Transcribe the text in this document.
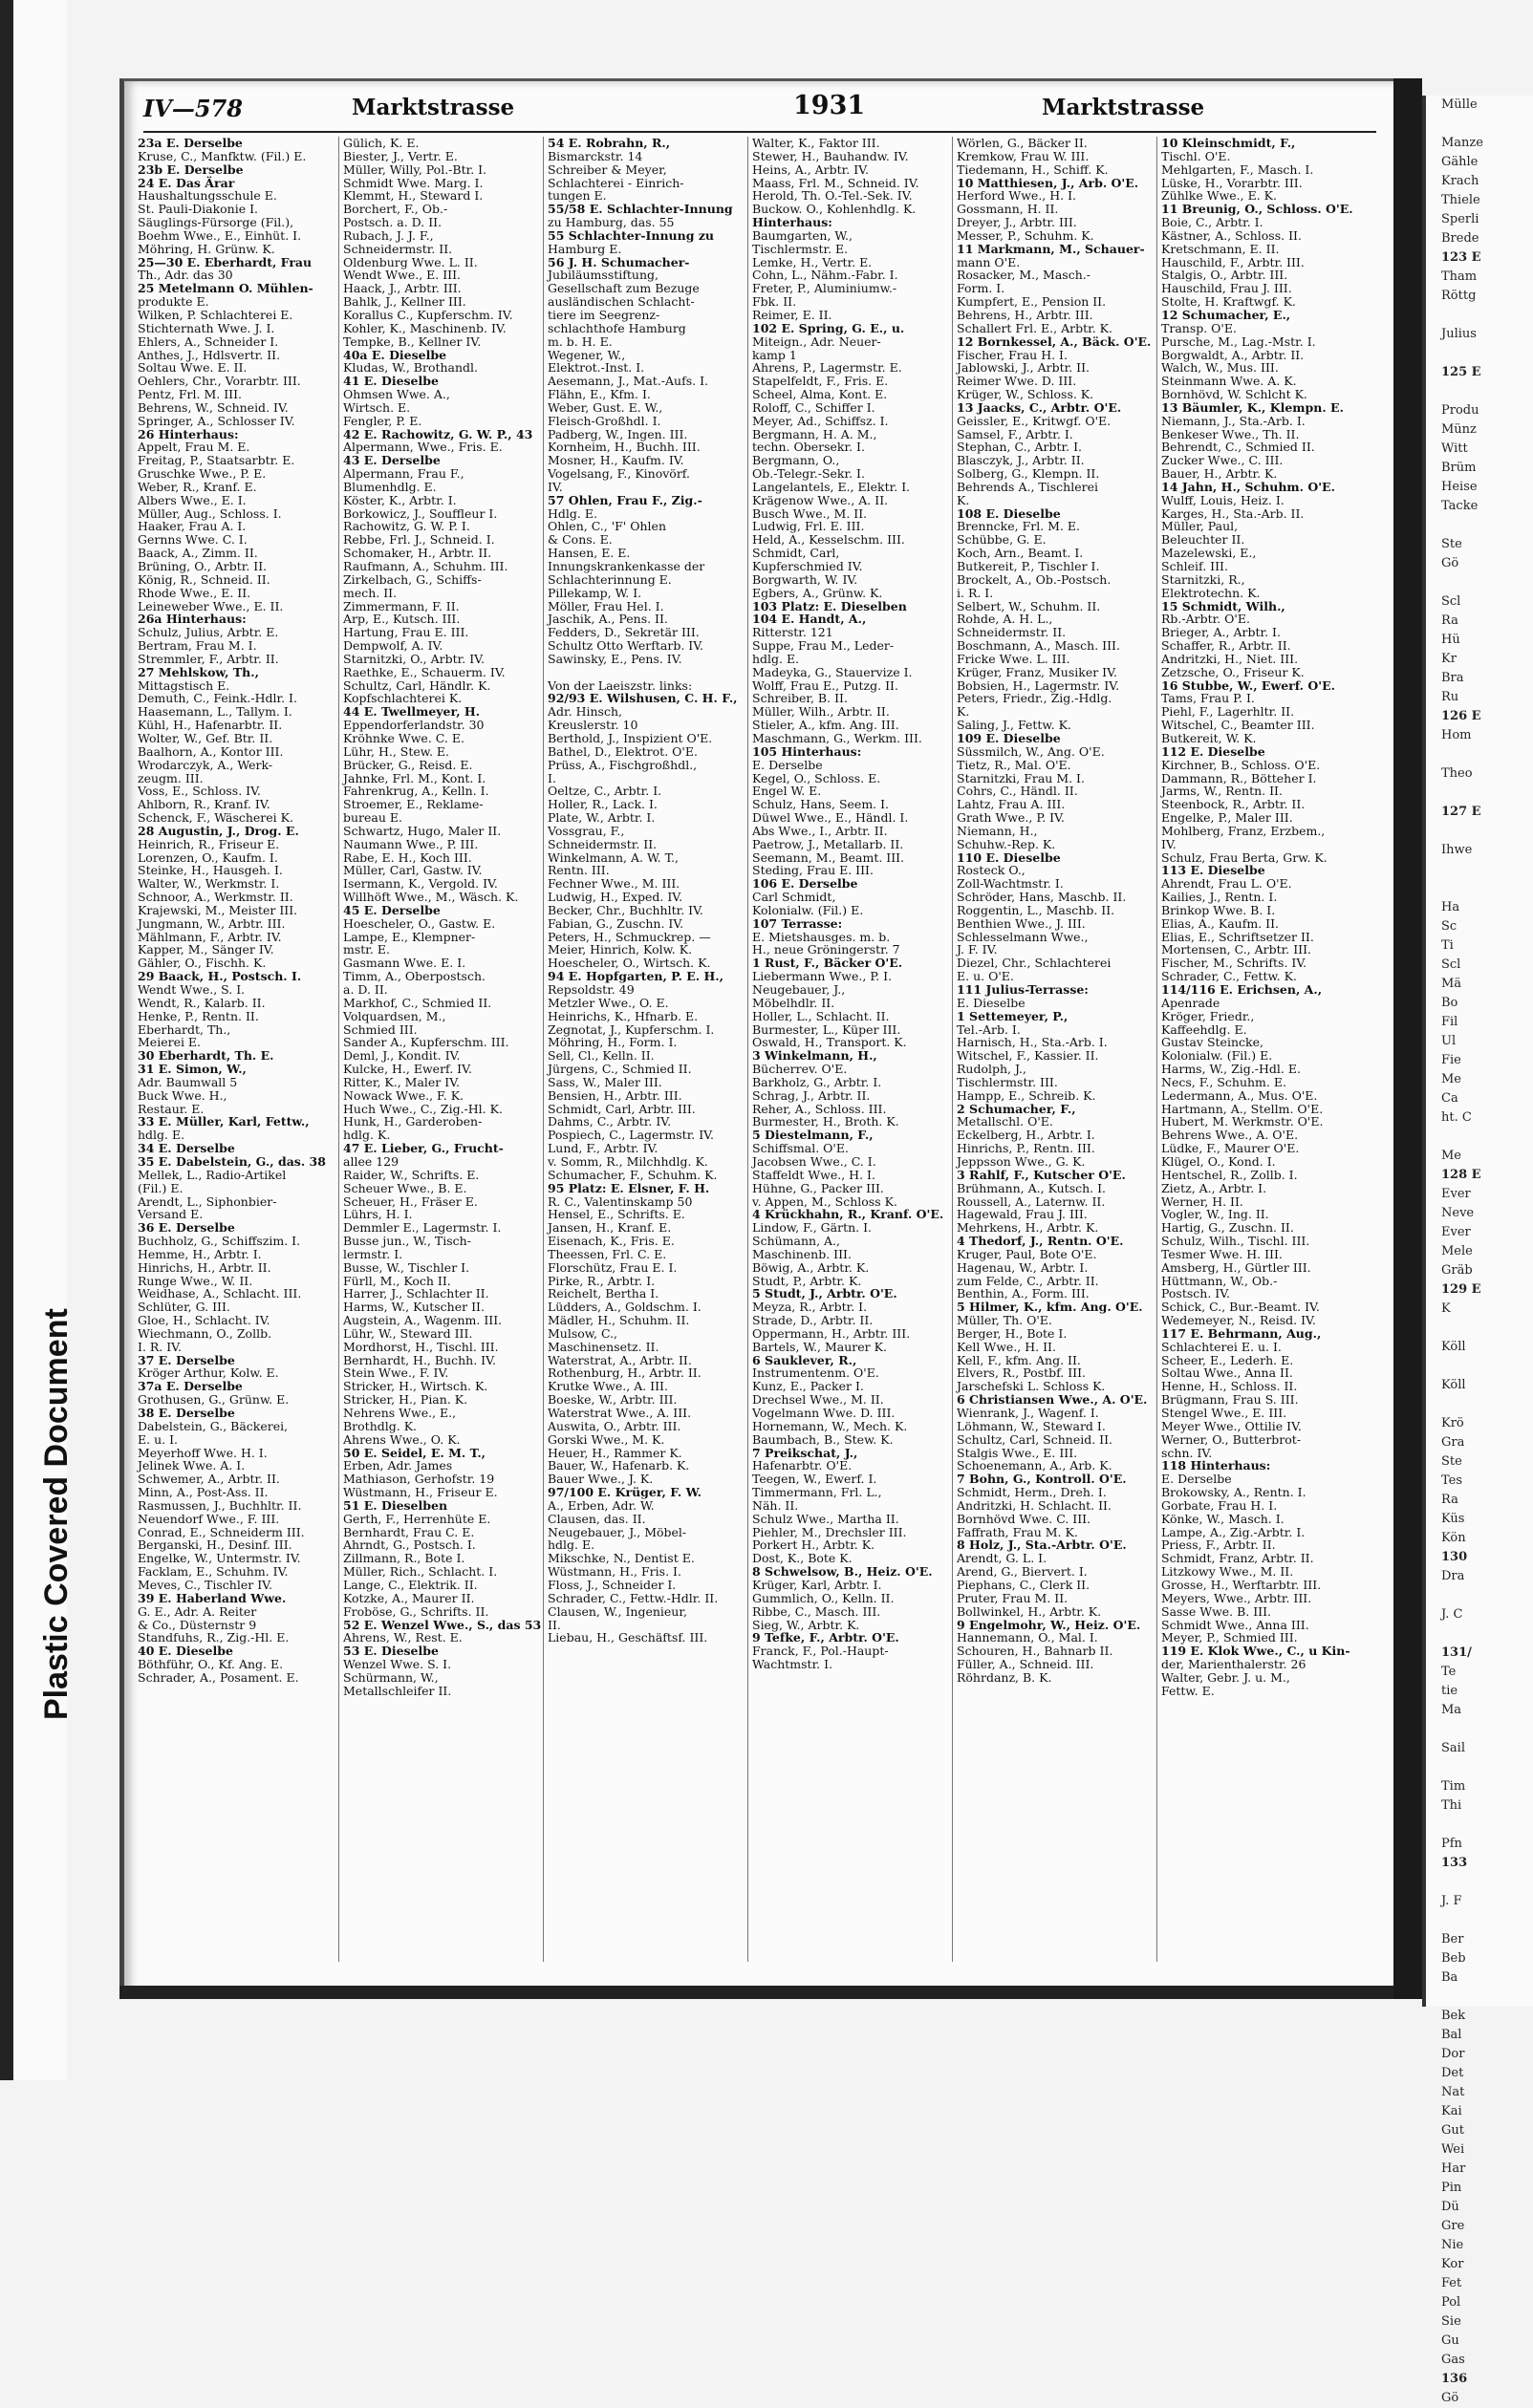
Plastic Covered Document
IV—578	Marktstrasse	1931	Marktstrasse
23a E. Derselbe
Kruse, C., Manfktw. (Fil.) E.
23b E. Derselbe
24 E. Das Ärar
Haushaltungsschule E.
St. Pauli-Diakonie I.
Säuglings-Fürsorge (Fil.),
Boehm Wwe., E., Einhüt. I.
Möhring, H. Grünw. K.
25—30 E. Eberhardt, Frau
Th., Adr. das 30
25 Metelmann O. Mühlen-
produkte E.
Wilken, P. Schlachterei E.
Stichternath Wwe. J. I.
Ehlers, A., Schneider I.
Anthes, J., Hdlsvertr. II.
Soltau Wwe. E. II.
Oehlers, Chr., Vorarbtr. III.
Pentz, Frl. M. III.
Behrens, W., Schneid. IV.
Springer, A., Schlosser IV.
26 Hinterhaus:
Appelt, Frau M. E.
Freitag, P., Staatsarbtr. E.
Gruschke Wwe., P. E.
Weber, R., Kranf. E.
Albers Wwe., E. I.
Müller, Aug., Schloss. I.
Haaker, Frau A. I.
Gernns Wwe. C. I.
Baack, A., Zimm. II.
Brüning, O., Arbtr. II.
König, R., Schneid. II.
Rhode Wwe., E. II.
Leineweber Wwe., E. II.
26a Hinterhaus:
Schulz, Julius, Arbtr. E.
Bertram, Frau M. I.
Stremmler, F., Arbtr. II.
27 Mehlskow, Th.,
Mittagstisch E.
Demuth, C., Feink.-Hdlr. I.
Haasemann, L., Tallym. I.
Kühl, H., Hafenarbtr. II.
Wolter, W., Gef. Btr. II.
Baalhorn, A., Kontor III.
Wrodarczyk, A., Werk-
zeugm. III.
Voss, E., Schloss. IV.
Ahlborn, R., Kranf. IV.
Schenck, F., Wäscherei K.
28 Augustin, J., Drog. E.
Heinrich, R., Friseur E.
Lorenzen, O., Kaufm. I.
Steinke, H., Hausgeh. I.
Walter, W., Werkmstr. I.
Schnoor, A., Werkmstr. II.
Krajewski, M., Meister III.
Jungmann, W., Arbtr. III.
Mählmann, F., Arbtr. IV.
Kapper, M., Sänger IV.
Gähler, O., Fischh. K.
29 Baack, H., Postsch. I.
Wendt Wwe., S. I.
Wendt, R., Kalarb. II.
Henke, P., Rentn. II.
Eberhardt, Th.,
Meierei E.
30 Eberhardt, Th. E.
31 E. Simon, W.,
Adr. Baumwall 5
Buck Wwe. H.,
Restaur. E.
33 E. Müller, Karl, Fettw.,
hdlg. E.
34 E. Derselbe
35 E. Dabelstein, G., das. 38
Mellek, L., Radio-Artikel
(Fil.) E.
Arendt, L., Siphonbier-
Versand E.
36 E. Derselbe
Buchholz, G., Schiffszim. I.
Hemme, H., Arbtr. I.
Hinrichs, H., Arbtr. II.
Runge Wwe., W. II.
Weidhase, A., Schlacht. III.
Schlüter, G. III.
Gloe, H., Schlacht. IV.
Wiechmann, O., Zollb.
I. R. IV.
37 E. Derselbe
Kröger Arthur, Kolw. E.
37a E. Derselbe
Grothusen, G., Grünw. E.
38 E. Derselbe
Dabelstein, G., Bäckerei,
E. u. I.
Meyerhoff Wwe. H. I.
Jelinek Wwe. A. I.
Schwemer, A., Arbtr. II.
Minn, A., Post-Ass. II.
Rasmussen, J., Buchhltr. II.
Neuendorf Wwe., F. III.
Conrad, E., Schneiderm III.
Berganski, H., Desinf. III.
Engelke, W., Untermstr. IV.
Facklam, E., Schuhm. IV.
Meves, C., Tischler IV.
39 E. Haberland Wwe.
G. E., Adr. A. Reiter
& Co., Düsternstr 9
Standfuhs, R., Zig.-Hl. E.
40 E. Dieselbe
Böthführ, O., Kf. Ang. E.
Schrader, A., Posament. E.
Gülich, K. E.
Biester, J., Vertr. E.
Müller, Willy, Pol.-Btr. I.
Schmidt Wwe. Marg. I.
Klemmt, H., Steward I.
Borchert, F., Ob.-
Postsch. a. D. II.
Rubach, J. J. F.,
Schneidermstr. II.
Oldenburg Wwe. L. II.
Wendt Wwe., E. III.
Haack, J., Arbtr. III.
Bahlk, J., Kellner III.
Korallus C., Kupferschm. IV.
Kohler, K., Maschinenb. IV.
Tempke, B., Kellner IV.
40a E. Dieselbe
Kludas, W., Brothandl.
41 E. Dieselbe
Ohmsen Wwe. A.,
Wirtsch. E.
Fengler, P. E.
42 E. Rachowitz, G. W. P., 43
Alpermann, Wwe., Fris. E.
43 E. Derselbe
Alpermann, Frau F.,
Blumenhdlg. E.
Köster, K., Arbtr. I.
Borkowicz, J., Souffleur I.
Rachowitz, G. W. P. I.
Rebbe, Frl. J., Schneid. I.
Schomaker, H., Arbtr. II.
Raufmann, A., Schuhm. III.
Zirkelbach, G., Schiffs-
mech. II.
Zimmermann, F. II.
Arp, E., Kutsch. III.
Hartung, Frau E. III.
Dempwolf, A. IV.
Starnitzki, O., Arbtr. IV.
Raethke, E., Schauerm. IV.
Schultz, Carl, Händlr. K.
Kopfschlachterei K.
44 E. Twellmeyer, H.
Eppendorferlandstr. 30
Kröhnke Wwe. C. E.
Lühr, H., Stew. E.
Brücker, G., Reisd. E.
Jahnke, Frl. M., Kont. I.
Fahrenkrug, A., Kelln. I.
Stroemer, E., Reklame-
bureau E.
Schwartz, Hugo, Maler II.
Naumann Wwe., P. III.
Rabe, E. H., Koch III.
Müller, Carl, Gastw. IV.
Isermann, K., Vergold. IV.
Willhöft Wwe., M., Wäsch. K.
45 E. Derselbe
Hoescheler, O., Gastw. E.
Lampe, E., Klempner-
mstr. E.
Gasmann Wwe. E. I.
Timm, A., Oberpostsch.
a. D. II.
Markhof, C., Schmied II.
Volquardsen, M.,
Schmied III.
Sander A., Kupferschm. III.
Deml, J., Kondit. IV.
Kulcke, H., Ewerf. IV.
Ritter, K., Maler IV.
Nowack Wwe., F. K.
Huch Wwe., C., Zig.-Hl. K.
Hunk, H., Garderoben-
hdlg. K.
47 E. Lieber, G., Frucht-
allee 129
Raider, W., Schrifts. E.
Scheuer Wwe., B. E.
Scheuer, H., Fräser E.
Lührs, H. I.
Demmler E., Lagermstr. I.
Busse jun., W., Tisch-
lermstr. I.
Busse, W., Tischler I.
Fürll, M., Koch II.
Harrer, J., Schlachter II.
Harms, W., Kutscher II.
Augstein, A., Wagenm. III.
Lühr, W., Steward III.
Mordhorst, H., Tischl. III.
Bernhardt, H., Buchh. IV.
Stein Wwe., F. IV.
Stricker, H., Wirtsch. K.
Stricker, H., Pian. K.
Nehrens Wwe., E.,
Brothdlg. K.
Ahrens Wwe., O. K.
50 E. Seidel, E. M. T.,
Erben, Adr. James
Mathiason, Gerhofstr. 19
Wüstmann, H., Friseur E.
51 E. Dieselben
Gerth, F., Herrenhüte E.
Bernhardt, Frau C. E.
Ahrndt, G., Postsch. I.
Zillmann, R., Bote I.
Müller, Rich., Schlacht. I.
Lange, C., Elektrik. II.
Kotzke, A., Maurer II.
Froböse, G., Schrifts. II.
52 E. Wenzel Wwe., S., das 53
Ahrens, W., Rest. E.
53 E. Dieselbe
Wenzel Wwe. S. I.
Schürmann, W.,
Metallschleifer II.
54 E. Robrahn, R.,
Bismarckstr. 14
Schreiber & Meyer,
Schlachterei - Einrich-
tungen E.
55/58 E. Schlachter-Innung
zu Hamburg, das. 55
55 Schlachter-Innung zu
Hamburg E.
56 J. H. Schumacher-
Jubiläumsstiftung,
Gesellschaft zum Bezuge
ausländischen Schlacht-
tiere im Seegrenz-
schlachthofe Hamburg
m. b. H. E.
Wegener, W.,
Elektrot.-Inst. I.
Aesemann, J., Mat.-Aufs. I.
Flähn, E., Kfm. I.
Weber, Gust. E. W.,
Fleisch-Großhdl. I.
Padberg, W., Ingen. III.
Kornheim, H., Buchh. III.
Mosner, H., Kaufm. IV.
Vogelsang, F., Kinovörf.
IV.
57 Ohlen, Frau F., Zig.-
Hdlg. E.
Ohlen, C., 'F' Ohlen
& Cons. E.
Hansen, E. E.
Innungskrankenkasse der
Schlachterinnung E.
Pillekamp, W. I.
Möller, Frau Hel. I.
Jaschik, A., Pens. II.
Fedders, D., Sekretär III.
Schultz Otto Werftarb. IV.
Sawinsky, E., Pens. IV.

Von der Laeiszstr. links:
92/93 E. Wilshusen, C. H. F.,
Adr. Hinsch,
Kreuslerstr. 10
Berthold, J., Inspizient O'E.
Bathel, D., Elektrot. O'E.
Prüss, A., Fischgroßhdl.,
I.
Oeltze, C., Arbtr. I.
Holler, R., Lack. I.
Plate, W., Arbtr. I.
Vossgrau, F.,
Schneidermstr. II.
Winkelmann, A. W. T.,
Rentn. III.
Fechner Wwe., M. III.
Ludwig, H., Exped. IV.
Becker, Chr., Buchhltr. IV.
Fabian, G., Zuschn. IV.
Peters, H., Schmuckrep. —
Meier, Hinrich, Kolw. K.
Hoescheler, O., Wirtsch. K.
94 E. Hopfgarten, P. E. H.,
Repsoldstr. 49
Metzler Wwe., O. E.
Heinrichs, K., Hfnarb. E.
Zegnotat, J., Kupferschm. I.
Möhring, H., Form. I.
Sell, Cl., Kelln. II.
Jürgens, C., Schmied II.
Sass, W., Maler III.
Bensien, H., Arbtr. III.
Schmidt, Carl, Arbtr. III.
Dahms, C., Arbtr. IV.
Pospiech, C., Lagermstr. IV.
Lund, F., Arbtr. IV.
v. Somm, R., Milchhdlg. K.
Schumacher, F., Schuhm. K.
95 Platz: E. Elsner, F. H.
R. C., Valentinskamp 50
Hensel, E., Schrifts. E.
Jansen, H., Kranf. E.
Eisenach, K., Fris. E.
Theessen, Frl. C. E.
Florschütz, Frau E. I.
Pirke, R., Arbtr. I.
Reichelt, Bertha I.
Lüdders, A., Goldschm. I.
Mädler, H., Schuhm. II.
Mulsow, C.,
Maschinensetz. II.
Waterstrat, A., Arbtr. II.
Rothenburg, H., Arbtr. II.
Krutke Wwe., A. III.
Boeske, W., Arbtr. III.
Waterstrat Wwe., A. III.
Auswita, O., Arbtr. III.
Gorski Wwe., M. K.
Heuer, H., Rammer K.
Bauer, W., Hafenarb. K.
Bauer Wwe., J. K.
97/100 E. Krüger, F. W.
A., Erben, Adr. W.
Clausen, das. II.
Neugebauer, J., Möbel-
hdlg. E.
Mikschke, N., Dentist E.
Wüstmann, H., Fris. I.
Floss, J., Schneider I.
Schrader, C., Fettw.-Hdlr. II.
Clausen, W., Ingenieur,
II.
Liebau, H., Geschäftsf. III.
Walter, K., Faktor III.
Stewer, H., Bauhandw. IV.
Heins, A., Arbtr. IV.
Maass, Frl. M., Schneid. IV.
Herold, Th. O.-Tel.-Sek. IV.
Buckow. O., Kohlenhdlg. K.
Hinterhaus:
Baumgarten, W.,
Tischlermstr. E.
Lemke, H., Vertr. E.
Cohn, L., Nähm.-Fabr. I.
Freter, P., Aluminiumw.-
Fbk. II.
Reimer, E. II.
102 E. Spring, G. E., u.
Miteign., Adr. Neuer-
kamp 1
Ahrens, P., Lagermstr. E.
Stapelfeldt, F., Fris. E.
Scheel, Alma, Kont. E.
Roloff, C., Schiffer I.
Meyer, Ad., Schiffsz. I.
Bergmann, H. A. M.,
techn. Obersekr. I.
Bergmann, O.,
Ob.-Telegr.-Sekr. I.
Langelantels, E., Elektr. I.
Krägenow Wwe., A. II.
Busch Wwe., M. II.
Ludwig, Frl. E. III.
Held, A., Kesselschm. III.
Schmidt, Carl,
Kupferschmied IV.
Borgwarth, W. IV.
Egbers, A., Grünw. K.
103 Platz: E. Dieselben
104 E. Handt, A.,
Ritterstr. 121
Suppe, Frau M., Leder-
hdlg. E.
Madeyka, G., Stauervize I.
Wolff, Frau E., Putzg. II.
Schreiber, B. II.
Müller, Wilh., Arbtr. II.
Stieler, A., kfm. Ang. III.
Maschmann, G., Werkm. III.
105 Hinterhaus:
E. Derselbe
Kegel, O., Schloss. E.
Engel W. E.
Schulz, Hans, Seem. I.
Düwel Wwe., E., Händl. I.
Abs Wwe., I., Arbtr. II.
Paetrow, J., Metallarb. II.
Seemann, M., Beamt. III.
Steding, Frau E. III.
106 E. Derselbe
Carl Schmidt,
Kolonialw. (Fil.) E.
107 Terrasse:
E. Mietshausges. m. b.
H., neue Gröningerstr. 7
1 Rust, F., Bäcker O'E.
Liebermann Wwe., P. I.
Neugebauer, J.,
Möbelhdlr. II.
Holler, L., Schlacht. II.
Burmester, L., Küper III.
Oswald, H., Transport. K.
3 Winkelmann, H.,
Bücherrev. O'E.
Barkholz, G., Arbtr. I.
Schrag, J., Arbtr. II.
Reher, A., Schloss. III.
Burmester, H., Broth. K.
5 Diestelmann, F.,
Schiffsmal. O'E.
Jacobsen Wwe., C. I.
Staffeldt Wwe., H. I.
Hühne, G., Packer III.
v. Appen, M., Schloss K.
4 Krückhahn, R., Kranf. O'E.
Lindow, F., Gärtn. I.
Schümann, A.,
Maschinenb. III.
Böwig, A., Arbtr. K.
Studt, P., Arbtr. K.
5 Studt, J., Arbtr. O'E.
Meyza, R., Arbtr. I.
Strade, D., Arbtr. II.
Oppermann, H., Arbtr. III.
Bartels, W., Maurer K.
6 Sauklever, R.,
Instrumentenm. O'E.
Kunz, E., Packer I.
Drechsel Wwe., M. II.
Vogelmann Wwe. D. III.
Hornemann, W., Mech. K.
Baumbach, B., Stew. K.
7 Preikschat, J.,
Hafenarbtr. O'E.
Teegen, W., Ewerf. I.
Timmermann, Frl. L.,
Näh. II.
Schulz Wwe., Martha II.
Piehler, M., Drechsler III.
Porkert H., Arbtr. K.
Dost, K., Bote K.
8 Schwelsow, B., Heiz. O'E.
Krüger, Karl, Arbtr. I.
Gummlich, O., Kelln. II.
Ribbe, C., Masch. III.
Sieg, W., Arbtr. K.
9 Tefke, F., Arbtr. O'E.
Franck, F., Pol.-Haupt-
Wachtmstr. I.
Wörlen, G., Bäcker II.
Kremkow, Frau W. III.
Tiedemann, H., Schiff. K.
10 Matthiesen, J., Arb. O'E.
Herford Wwe., H. I.
Gossmann, H. II.
Dreyer, J., Arbtr. III.
Messer, P., Schuhm. K.
11 Markmann, M., Schauer-
mann O'E.
Rosacker, M., Masch.-
Form. I.
Kumpfert, E., Pension II.
Behrens, H., Arbtr. III.
Schallert Frl. E., Arbtr. K.
12 Bornkessel, A., Bäck. O'E.
Fischer, Frau H. I.
Jablowski, J., Arbtr. II.
Reimer Wwe. D. III.
Krüger, W., Schloss. K.
13 Jaacks, C., Arbtr. O'E.
Geissler, E., Kritwgf. O'E.
Samsel, F., Arbtr. I.
Stephan, C., Arbtr. I.
Blasczyk, J., Arbtr. II.
Solberg, G., Klempn. II.
Behrends A., Tischlerei
K.
108 E. Dieselbe
Brenncke, Frl. M. E.
Schübbe, G. E.
Koch, Arn., Beamt. I.
Butkereit, P., Tischler I.
Brockelt, A., Ob.-Postsch.
i. R. I.
Selbert, W., Schuhm. II.
Rohde, A. H. L.,
Schneidermstr. II.
Boschmann, A., Masch. III.
Fricke Wwe. L. III.
Krüger, Franz, Musiker IV.
Bobsien, H., Lagermstr. IV.
Peters, Friedr., Zig.-Hdlg.
K.
Saling, J., Fettw. K.
109 E. Dieselbe
Süssmilch, W., Ang. O'E.
Tietz, R., Mal. O'E.
Starnitzki, Frau M. I.
Cohrs, C., Händl. II.
Lahtz, Frau A. III.
Grath Wwe., P. IV.
Niemann, H.,
Schuhw.-Rep. K.
110 E. Dieselbe
Rosteck O.,
Zoll-Wachtmstr. I.
Schröder, Hans, Maschb. II.
Roggentin, L., Maschb. II.
Benthien Wwe., J. III.
Schlesselmann Wwe.,
J. F. IV.
Diezel, Chr., Schlachterei
E. u. O'E.
111 Julius-Terrasse:
E. Dieselbe
1 Settemeyer, P.,
Tel.-Arb. I.
Harnisch, H., Sta.-Arb. I.
Witschel, F., Kassier. II.
Rudolph, J.,
Tischlermstr. III.
Hampp, E., Schreib. K.
2 Schumacher, F.,
Metallschl. O'E.
Eckelberg, H., Arbtr. I.
Hinrichs, P., Rentn. III.
Jeppsson Wwe., G. K.
3 Rahlf, F., Kutscher O'E.
Brühmann, A., Kutsch. I.
Roussell, A., Laternw. II.
Hagewald, Frau J. III.
Mehrkens, H., Arbtr. K.
4 Thedorf, J., Rentn. O'E.
Kruger, Paul, Bote O'E.
Hagenau, W., Arbtr. I.
zum Felde, C., Arbtr. II.
Benthin, A., Form. III.
5 Hilmer, K., kfm. Ang. O'E.
Müller, Th. O'E.
Berger, H., Bote I.
Kell Wwe., H. II.
Kell, F., kfm. Ang. II.
Elvers, R., Postbf. III.
Jarschefski L. Schloss K.
6 Christiansen Wwe., A. O'E.
Wienrank, J., Wagenf. I.
Löhmann, W., Steward I.
Schultz, Carl, Schneid. II.
Stalgis Wwe., E. III.
Schoenemann, A., Arb. K.
7 Bohn, G., Kontroll. O'E.
Schmidt, Herm., Dreh. I.
Andritzki, H. Schlacht. II.
Bornhövd Wwe. C. III.
Faffrath, Frau M. K.
8 Holz, J., Sta.-Arbtr. O'E.
Arendt, G. L. I.
Arend, G., Biervert. I.
Piephans, C., Clerk II.
Pruter, Frau M. II.
Bollwinkel, H., Arbtr. K.
9 Engelmohr, W., Heiz. O'E.
Hannemann, O., Mal. I.
Schouren, H., Bahnarb II.
Füller, A., Schneid. III.
Röhrdanz, B. K.
10 Kleinschmidt, F.,
Tischl. O'E.
Mehlgarten, F., Masch. I.
Lüske, H., Vorarbtr. III.
Zühlke Wwe., E. K.
11 Breunig, O., Schloss. O'E.
Boie, C., Arbtr. I.
Kästner, A., Schloss. II.
Kretschmann, E. II.
Hauschild, F., Arbtr. III.
Stalgis, O., Arbtr. III.
Hauschild, Frau J. III.
Stolte, H. Kraftwgf. K.
12 Schumacher, E.,
Transp. O'E.
Pursche, M., Lag.-Mstr. I.
Borgwaldt, A., Arbtr. II.
Walch, W., Mus. III.
Steinmann Wwe. A. K.
Bornhövd, W. Schlcht K.
13 Bäumler, K., Klempn. E.
Niemann, J., Sta.-Arb. I.
Benkeser Wwe., Th. II.
Behrendt, C., Schmied II.
Zucker Wwe., C. III.
Bauer, H., Arbtr. K.
14 Jahn, H., Schuhm. O'E.
Wulff, Louis, Heiz. I.
Karges, H., Sta.-Arb. II.
Müller, Paul,
Beleuchter II.
Mazelewski, E.,
Schleif. III.
Starnitzki, R.,
Elektrotechn. K.
15 Schmidt, Wilh.,
Rb.-Arbtr. O'E.
Brieger, A., Arbtr. I.
Schaffer, R., Arbtr. II.
Andritzki, H., Niet. III.
Zetzsche, O., Friseur K.
16 Stubbe, W., Ewerf. O'E.
Tams, Frau P. I.
Piehl, F., Lagerhltr. II.
Witschel, C., Beamter III.
Butkereit, W. K.
112 E. Dieselbe
Kirchner, B., Schloss. O'E.
Dammann, R., Bötteher I.
Jarms, W., Rentn. II.
Steenbock, R., Arbtr. II.
Engelke, P., Maler III.
Mohlberg, Franz, Erzbem.,
IV.
Schulz, Frau Berta, Grw. K.
113 E. Dieselbe
Ahrendt, Frau L. O'E.
Kailies, J., Rentn. I.
Brinkop Wwe. B. I.
Elias, A., Kaufm. II.
Elias, E., Schriftsetzer II.
Mortensen, C., Arbtr. III.
Fischer, M., Schrifts. IV.
Schrader, C., Fettw. K.
114/116 E. Erichsen, A.,
Apenrade
Kröger, Friedr.,
Kaffeehdlg. E.
Gustav Steincke,
Kolonialw. (Fil.) E.
Harms, W., Zig.-Hdl. E.
Necs, F., Schuhm. E.
Ledermann, A., Mus. O'E.
Hartmann, A., Stellm. O'E.
Hubert, M. Werkmstr. O'E.
Behrens Wwe., A. O'E.
Lüdke, F., Maurer O'E.
Klügel, O., Kond. I.
Hentschel, R., Zollb. I.
Zietz, A., Arbtr. I.
Werner, H. II.
Vogler, W., Ing. II.
Hartig, G., Zuschn. II.
Schulz, Wilh., Tischl. III.
Tesmer Wwe. H. III.
Amsberg, H., Gürtler III.
Hüttmann, W., Ob.-
Postsch. IV.
Schick, C., Bur.-Beamt. IV.
Wedemeyer, N., Reisd. IV.
117 E. Behrmann, Aug.,
Schlachterei E. u. I.
Scheer, E., Lederh. E.
Soltau Wwe., Anna II.
Henne, H., Schloss. II.
Brügmann, Frau S. III.
Stengel Wwe., E. III.
Meyer Wwe., Ottilie IV.
Werner, O., Butterbrot-
schn. IV.
118 Hinterhaus:
E. Derselbe
Brokowsky, A., Rentn. I.
Gorbate, Frau H. I.
Könke, W., Masch. I.
Lampe, A., Zig.-Arbtr. I.
Priess, F., Arbtr. II.
Schmidt, Franz, Arbtr. II.
Litzkowy Wwe., M. II.
Grosse, H., Werftarbtr. III.
Meyers, Wwe., Arbtr. III.
Sasse Wwe. B. III.
Schmidt Wwe., Anna III.
Meyer, P., Schmied III.
119 E. Klok Wwe., C., u Kin-
der, Marienthalerstr. 26
Walter, Gebr. J. u. M.,
Fettw. E.
Mülle

Manze
Gähle
Krach
Thiele
Sperli
Brede
123 E
Tham
Röttg

Julius

125 E

Produ
Münz
Witt
Brüm
Heise
Tacke

Ste
Gö

Scl
Ra
Hü
Kr
Bra
Ru
126 E
Hom

Theo

127 E

Ihwe

Ha
Sc
Ti
Scl
Mä
Bo
Fil
Ul
Fie
Me
Ca
ht. C

Me
128 E
Ever
Neve
Ever
Mele
Gräb
129 E
K

Köll

Köll

Krö
Gra
Ste
Tes
Ra
Küs
Kön
130
Dra

J. C

131/
Te
tie
Ma

Sail

Tim
Thi

Pfn
133

J. F

Ber
Beb
Ba

Bek
Bal
Dor
Det
Nat
Kai
Gut
Wei
Har
Pin
Dü
Gre
Nie
Kor
Fet
Pol
Sie
Gu
Gas
136
Gö
